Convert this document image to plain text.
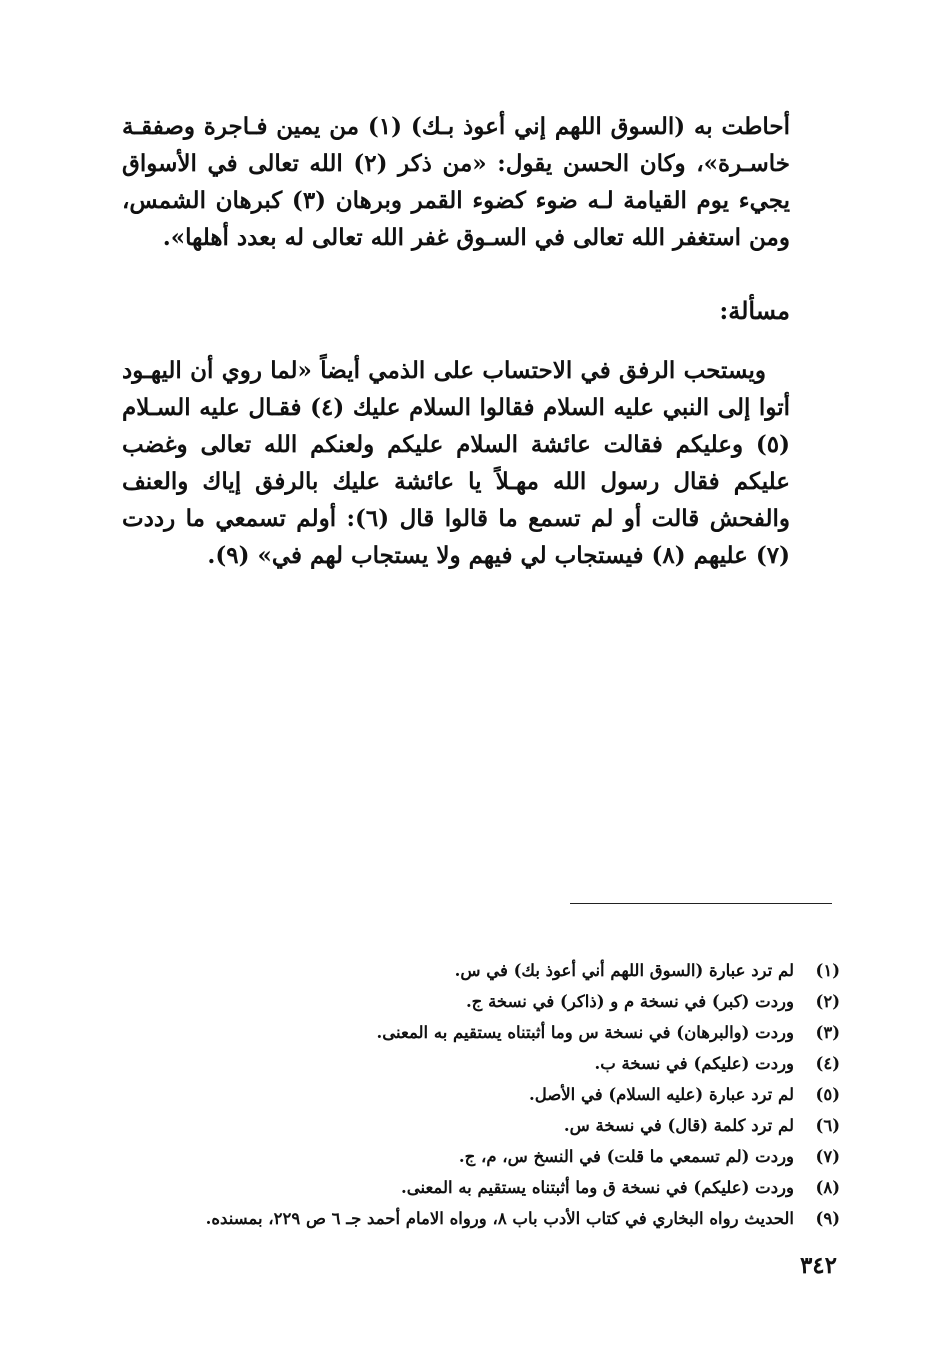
أحاطت به (السوق اللهم إني أعوذ بـك) (١) من يمين فـاجرة وصفقـة خاسـرة»، وكان الحسن يقول: «من ذكر (٢) الله تعالى في الأسواق يجيء يوم القيامة لـه ضوء كضوء القمر وبرهان (٣) كبرهان الشمس، ومن استغفر الله تعالى في السـوق غفر الله تعالى له بعدد أهلها».

مسألة:

ويستحب الرفق في الاحتساب على الذمي أيضاً «لما روي أن اليهـود أتوا إلى النبي عليه السلام فقالوا السلام عليك (٤) فقـال عليه السـلام (٥) وعليكم فقالت عائشة السلام عليكم ولعنكم الله تعالى وغضب عليكم فقال رسول الله مهـلاً يا عائشة عليك بالرفق إياك والعنف والفحش قالت أو لم تسمع ما قالوا قال (٦): أولم تسمعي ما رددت (٧) عليهم (٨) فيستجاب لي فيهم ولا يستجاب لهم في» (٩).

(١)
لم ترد عبارة (السوق اللهم أني أعوذ بك) في س.
(٢)
وردت (كبر) في نسخة م و (ذاكر) في نسخة ج.
(٣)
وردت (والبرهان) في نسخة س وما أثبتناه يستقيم به المعنى.
(٤)
وردت (عليكم) في نسخة ب.
(٥)
لم ترد عبارة (عليه السلام) في الأصل.
(٦)
لم ترد كلمة (قال) في نسخة س.
(٧)
وردت (لم تسمعي ما قلت) في النسخ س، م، ج.
(٨)
وردت (عليكم) في نسخة ق وما أثبتناه يستقيم به المعنى.
(٩)
الحديث رواه البخاري في كتاب الأدب باب ٨، ورواه الامام أحمد جـ ٦ ص ٢٢٩، بمسنده.
٣٤٢
